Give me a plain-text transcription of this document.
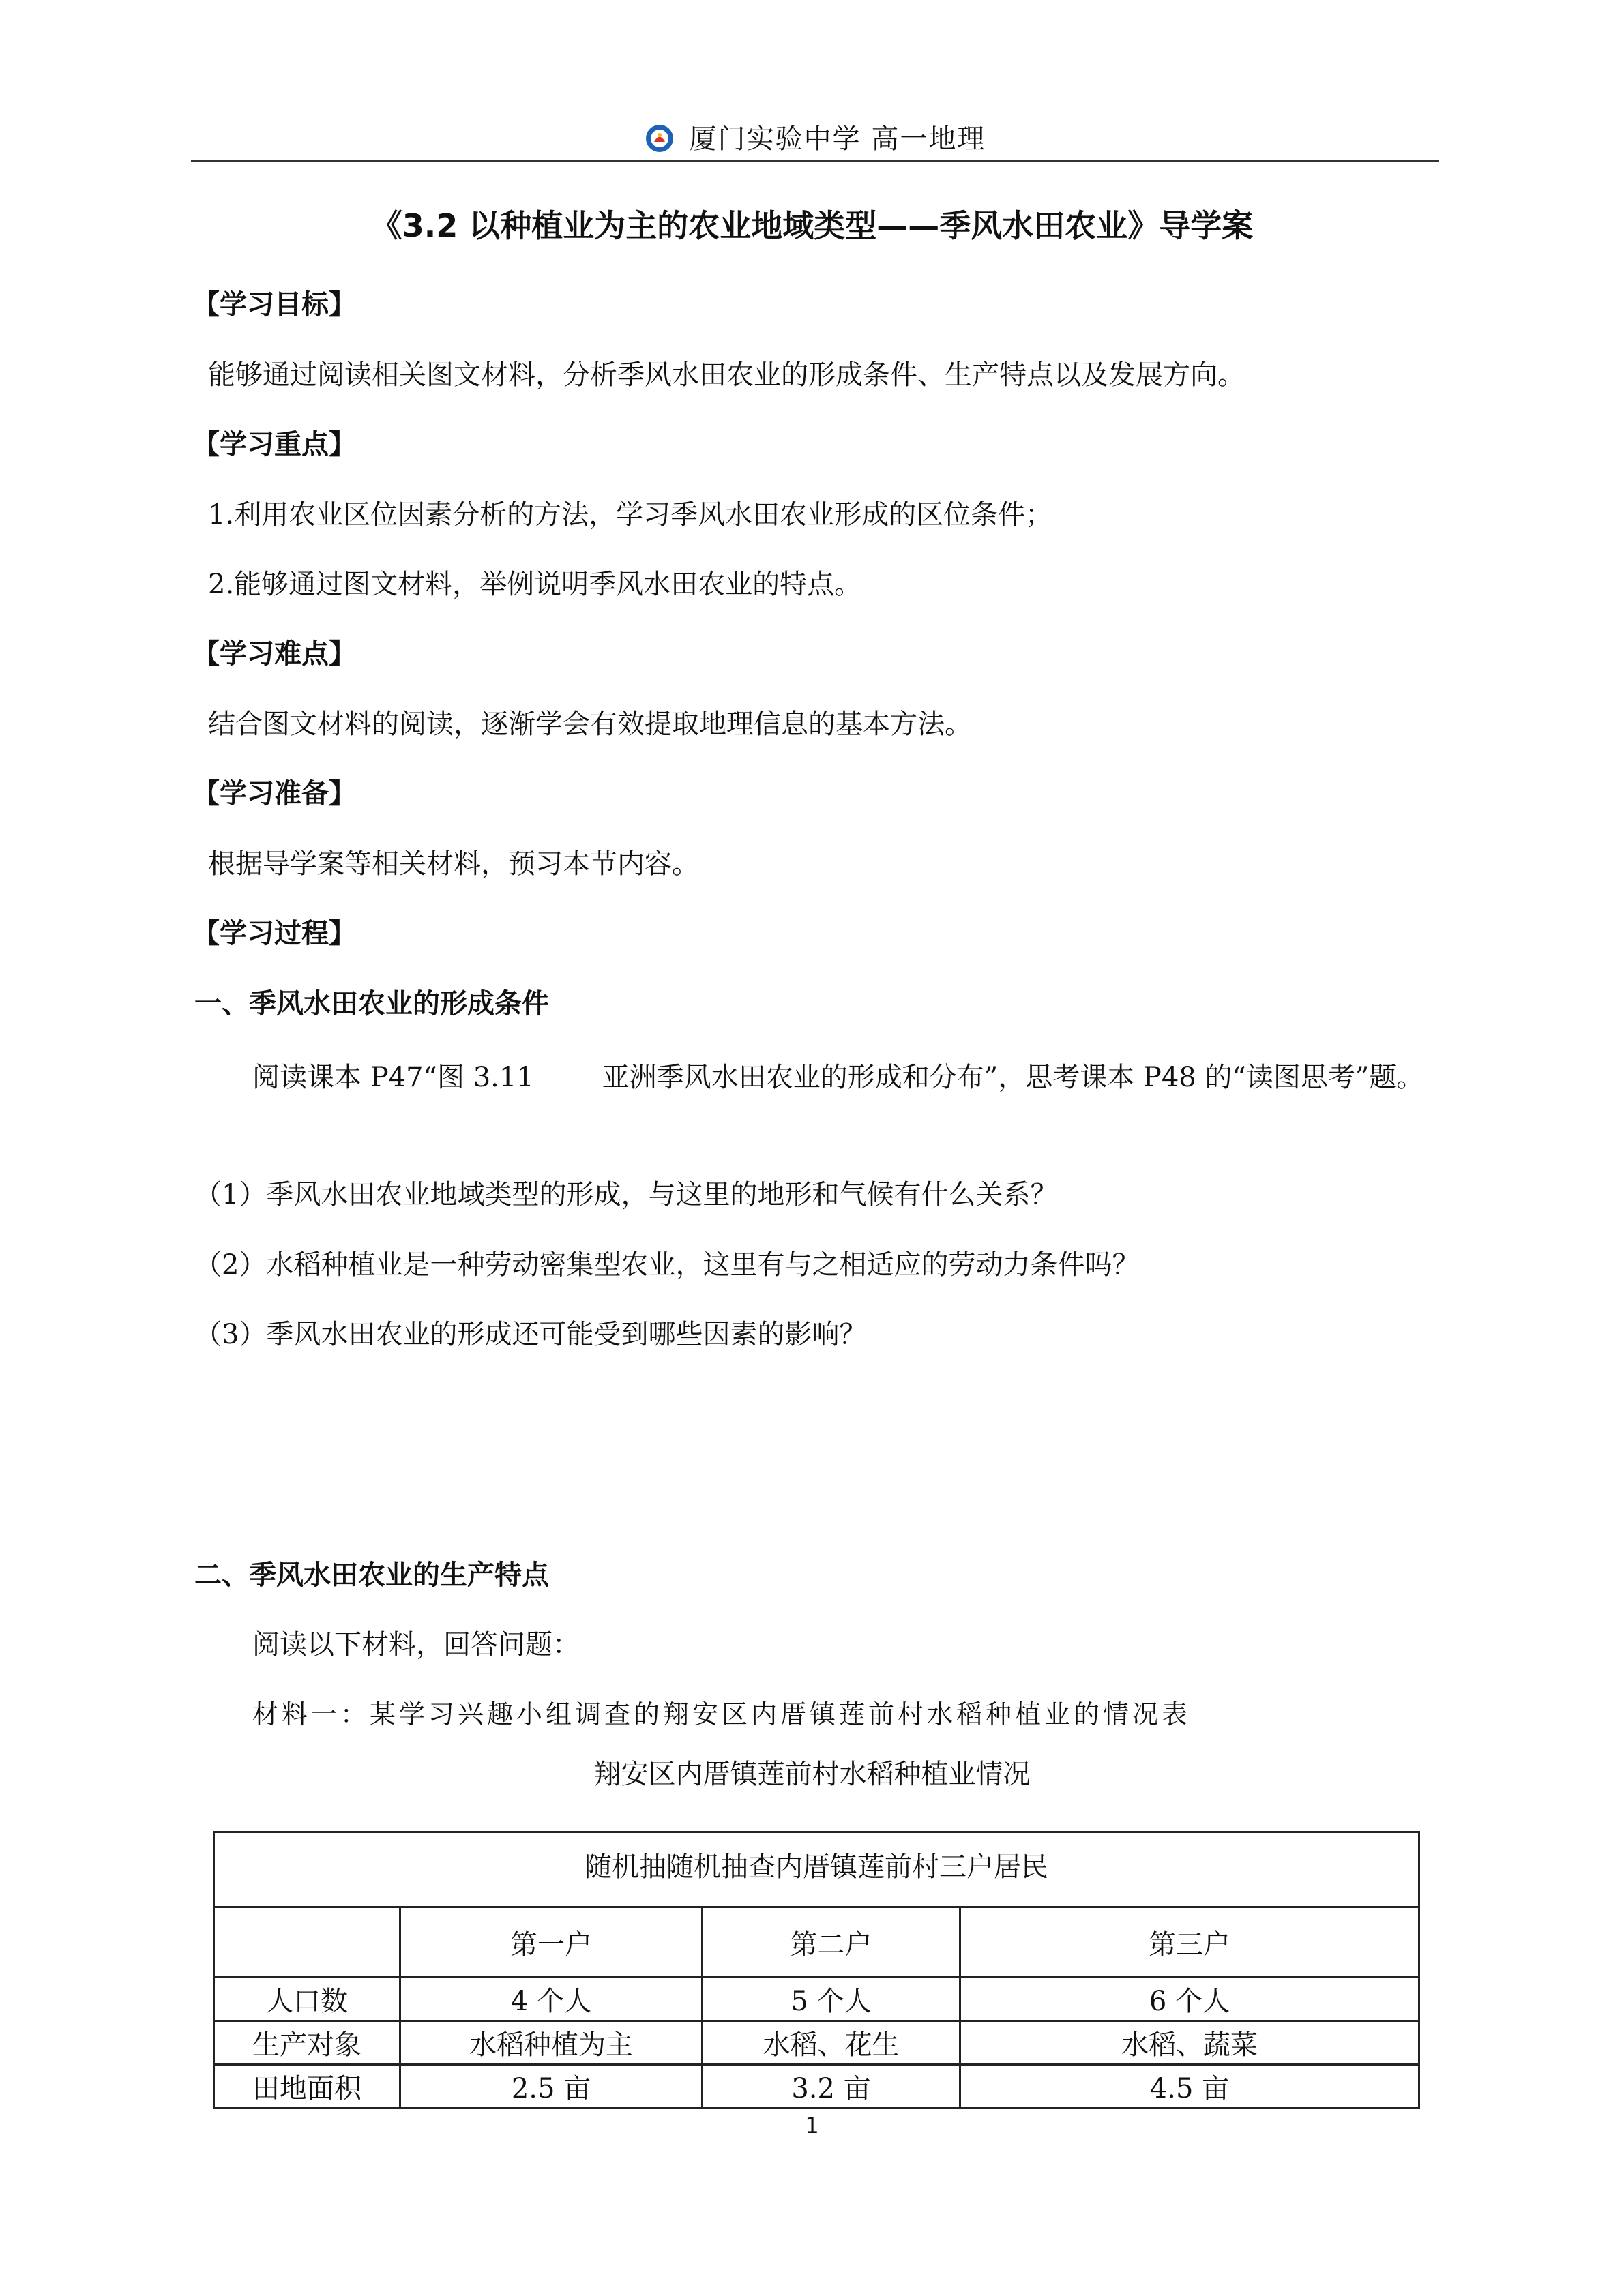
厦门实验中学 高一地理
《3.2 以种植业为主的农业地域类型——季风水田农业》导学案
【学习目标】
能够通过阅读相关图文材料，分析季风水田农业的形成条件、生产特点以及发展方向。
【学习重点】
1.利用农业区位因素分析的方法，学习季风水田农业形成的区位条件；
2.能够通过图文材料，举例说明季风水田农业的特点。
【学习难点】
结合图文材料的阅读，逐渐学会有效提取地理信息的基本方法。
【学习准备】
根据导学案等相关材料，预习本节内容。
【学习过程】
一、季风水田农业的形成条件
阅读课本 P47“图 3.11	亚洲季风水田农业的形成和分布”，思考课本 P48 的“读图思考”题。
（1）季风水田农业地域类型的形成，与这里的地形和气候有什么关系？
（2）水稻种植业是一种劳动密集型农业，这里有与之相适应的劳动力条件吗？
（3）季风水田农业的形成还可能受到哪些因素的影响？
二、季风水田农业的生产特点
阅读以下材料，回答问题：
材料一：某学习兴趣小组调查的翔安区内厝镇莲前村水稻种植业的情况表
翔安区内厝镇莲前村水稻种植业情况
随机抽随机抽查内厝镇莲前村三户居民			
	第一户	第二户	第三户
人口数	4 个人	5 个人	6 个人
生产对象	水稻种植为主	水稻、花生	水稻、蔬菜
田地面积	2.5 亩	3.2 亩	4.5 亩
1
